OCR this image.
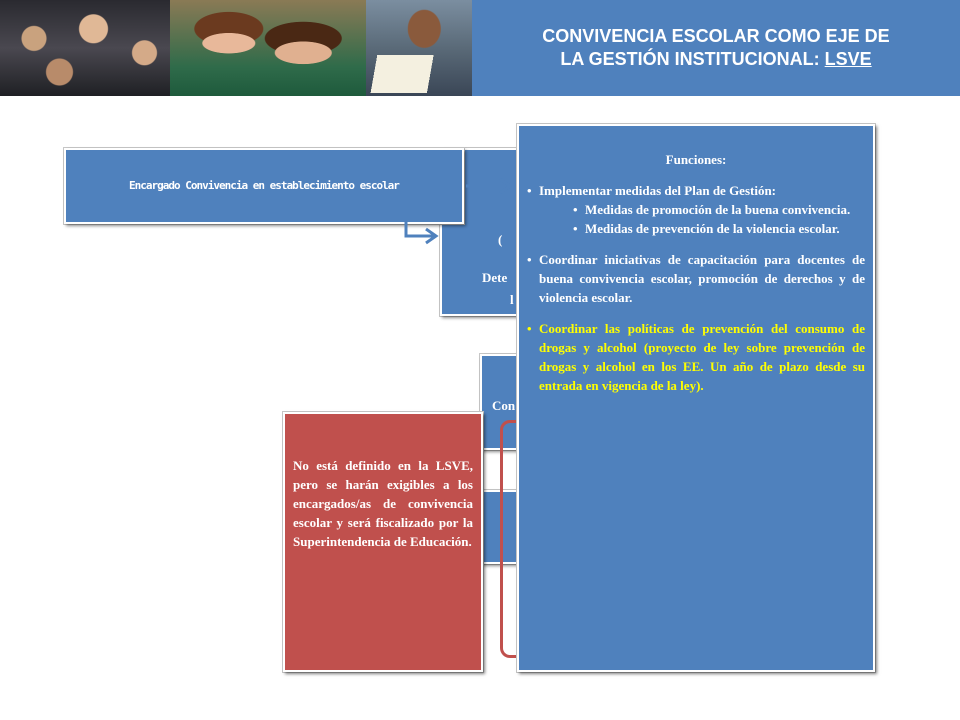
CONVIVENCIA ESCOLAR COMO EJE DE
LA GESTIÓN INSTITUCIONAL: LSVE
(
Dete
l
Con
Encargado Convivencia en establecimiento escolar
No está definido en la LSVE, pero se harán exigibles a los encargados/as de convivencia escolar y será fiscalizado por la Superintendencia de Educación.
Funciones:
• Implementar medidas del Plan de Gestión:
• Medidas de promoción de la buena convivencia.
• Medidas de prevención de la violencia escolar.
• Coordinar iniciativas de capacitación para docentes de buena convivencia escolar, promoción de derechos y de violencia escolar.
• Coordinar las políticas de prevención del consumo de drogas y alcohol (proyecto de ley sobre prevención de drogas y alcohol en los EE. Un año de plazo desde su entrada en vigencia de la ley).
